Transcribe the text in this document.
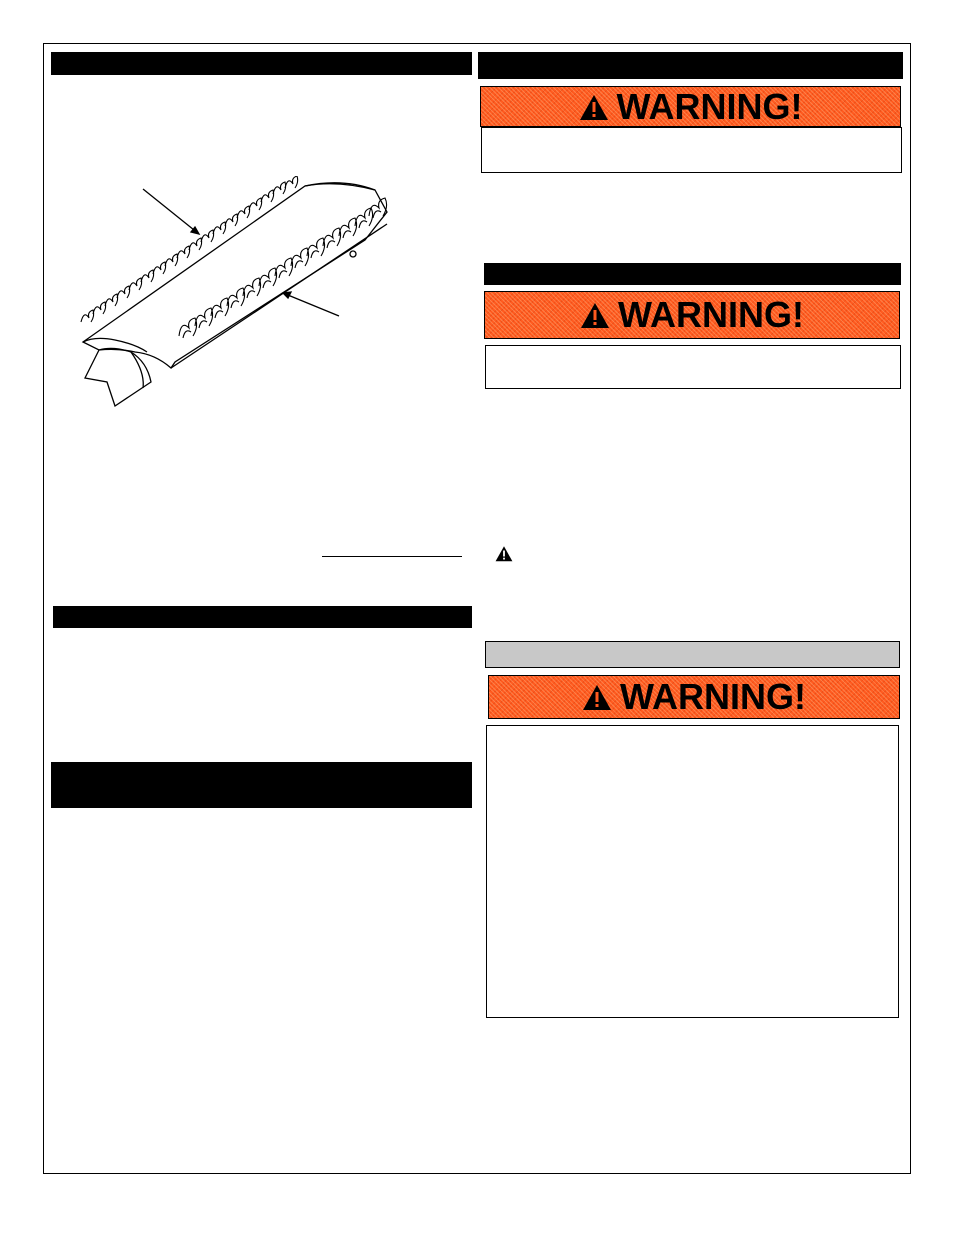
WARNING!
WARNING!
WARNING!
